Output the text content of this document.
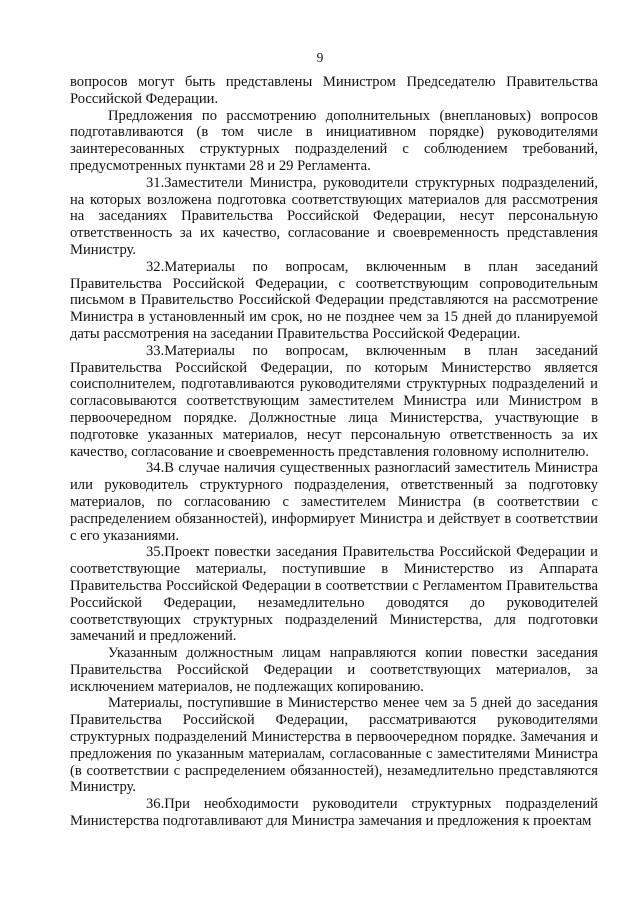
9

вопросов могут быть представлены Министром Председателю Правительства Российской Федерации.

Предложения по рассмотрению дополнительных (внеплановых) вопросов подготавливаются (в том числе в инициативном порядке) руководителями заинтересованных структурных подразделений с соблюдением требований, предусмотренных пунктами 28 и 29 Регламента.

31.Заместители Министра, руководители структурных подразделений, на которых возложена подготовка соответствующих материалов для рассмотрения на заседаниях Правительства Российской Федерации, несут персональную ответственность за их качество, согласование и своевременность представления Министру.

32.Материалы по вопросам, включенным в план заседаний Правительства Российской Федерации, с соответствующим сопроводительным письмом в Правительство Российской Федерации представляются на рассмотрение Министра в установленный им срок, но не позднее чем за 15 дней до планируемой даты рассмотрения на заседании Правительства Российской Федерации.

33.Материалы по вопросам, включенным в план заседаний Правительства Российской Федерации, по которым Министерство является соисполнителем, подготавливаются руководителями структурных подразделений и согласовываются соответствующим заместителем Министра или Министром в первоочередном порядке. Должностные лица Министерства, участвующие в подготовке указанных материалов, несут персональную ответственность за их качество, согласование и своевременность представления головному исполнителю.

34.В случае наличия существенных разногласий заместитель Министра или руководитель структурного подразделения, ответственный за подготовку материалов, по согласованию с заместителем Министра (в соответствии с распределением обязанностей), информирует Министра и действует в соответствии с его указаниями.

35.Проект повестки заседания Правительства Российской Федерации и соответствующие материалы, поступившие в Министерство из Аппарата Правительства Российской Федерации в соответствии с Регламентом Правительства Российской Федерации, незамедлительно доводятся до руководителей соответствующих структурных подразделений Министерства, для подготовки замечаний и предложений.

Указанным должностным лицам направляются копии повестки заседания Правительства Российской Федерации и соответствующих материалов, за исключением материалов, не подлежащих копированию.

Материалы, поступившие в Министерство менее чем за 5 дней до заседания Правительства Российской Федерации, рассматриваются руководителями структурных подразделений Министерства в первоочередном порядке. Замечания и предложения по указанным материалам, согласованные с заместителями Министра (в соответствии с распределением обязанностей), незамедлительно представляются Министру.

36.При необходимости руководители структурных подразделений Министерства подготавливают для Министра замечания и предложения к проектам
